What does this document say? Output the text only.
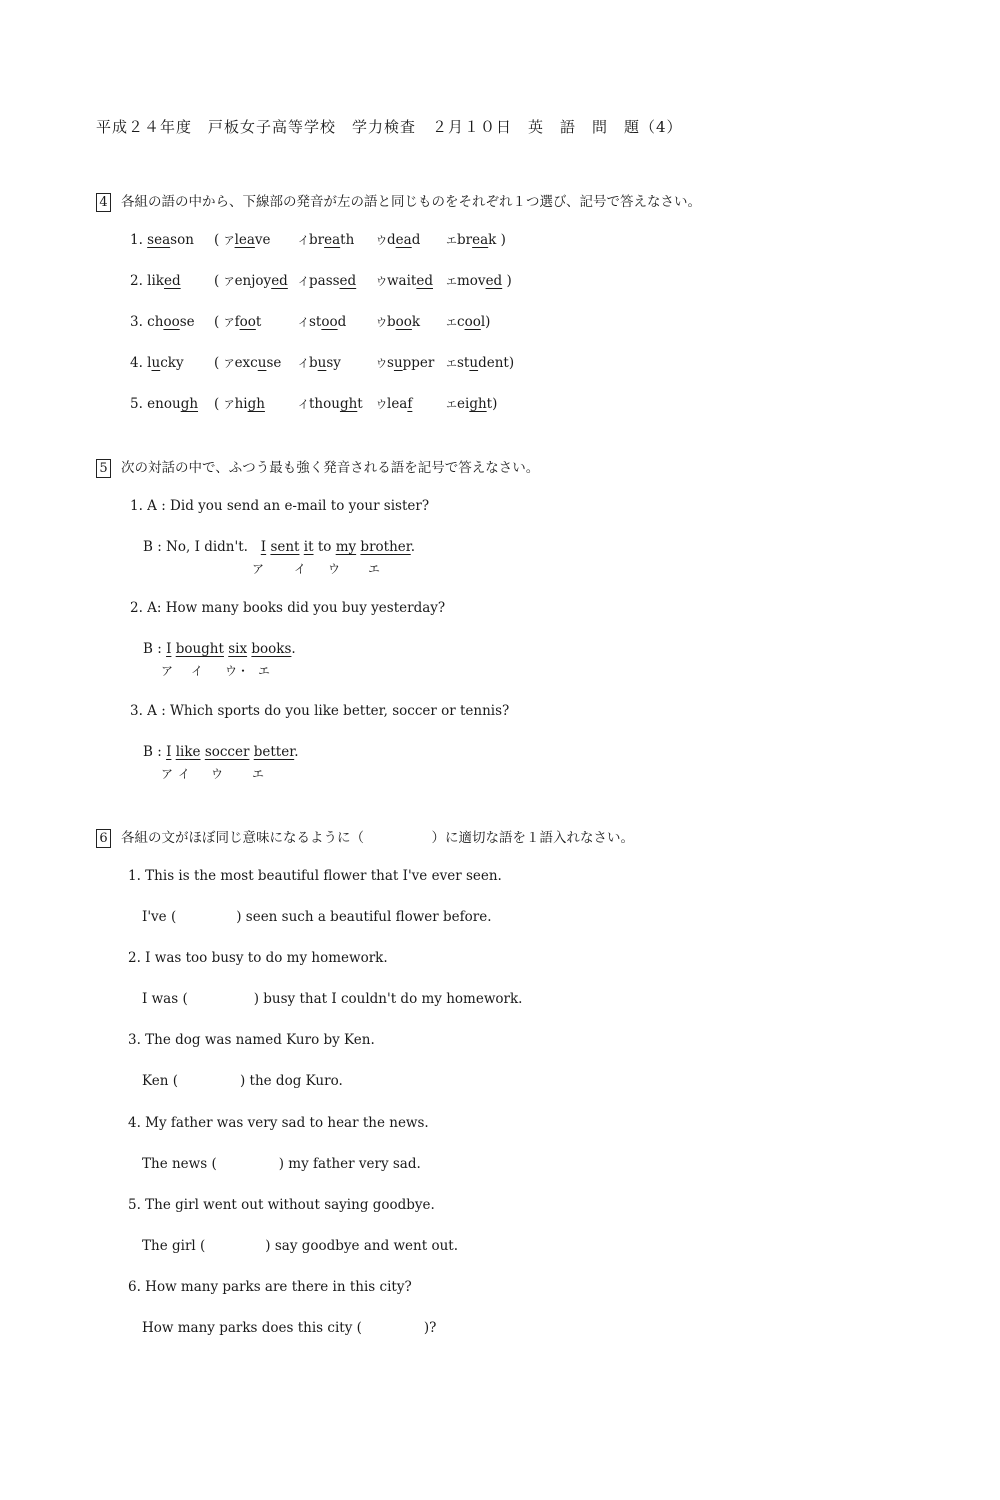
平成２４年度　戸板女子高等学校　学力検査　２月１０日　英　語　問　題（4）
4 各組の語の中から、下線部の発音が左の語と同じものをそれぞれ１つ選び、記号で答えなさい。
1. season ( アleave イbreath ウdead エbreak )
2. liked ( アenjoyed イpassed ウwaited エmoved )
3. choose ( アfoot	イstood	ウbook エcool)
4. lucky ( アexcuse イbusy	ウsupper エstudent)
5. enough ( アhigh	イthought ウleaf	エeight)
5 次の対話の中で、ふつう最も強く発音される語を記号で答えなさい。
1. A : Did you send an e-mail to your sister?
B : No, I didn't. I sent it to my brother.
ア イ ウ エ
2. A: How many books did you buy yesterday?
B : I bought six books.
ア イ ウ・ エ
3. A : Which sports do you like better, soccer or tennis?
B : I like soccer better.
ア イ ウ エ
6 各組の文がほぼ同じ意味になるように（　　　　　）に適切な語を１語入れなさい。
1. This is the most beautiful flower that I've ever seen.
I've (	) seen such a beautiful flower before.
2. I was too busy to do my homework.
I was (	) busy that I couldn't do my homework.
3. The dog was named Kuro by Ken.
Ken (	) the dog Kuro.
4. My father was very sad to hear the news.
The news (	) my father very sad.
5. The girl went out without saying goodbye.
The girl (	) say goodbye and went out.
6. How many parks are there in this city?
How many parks does this city (	)?
